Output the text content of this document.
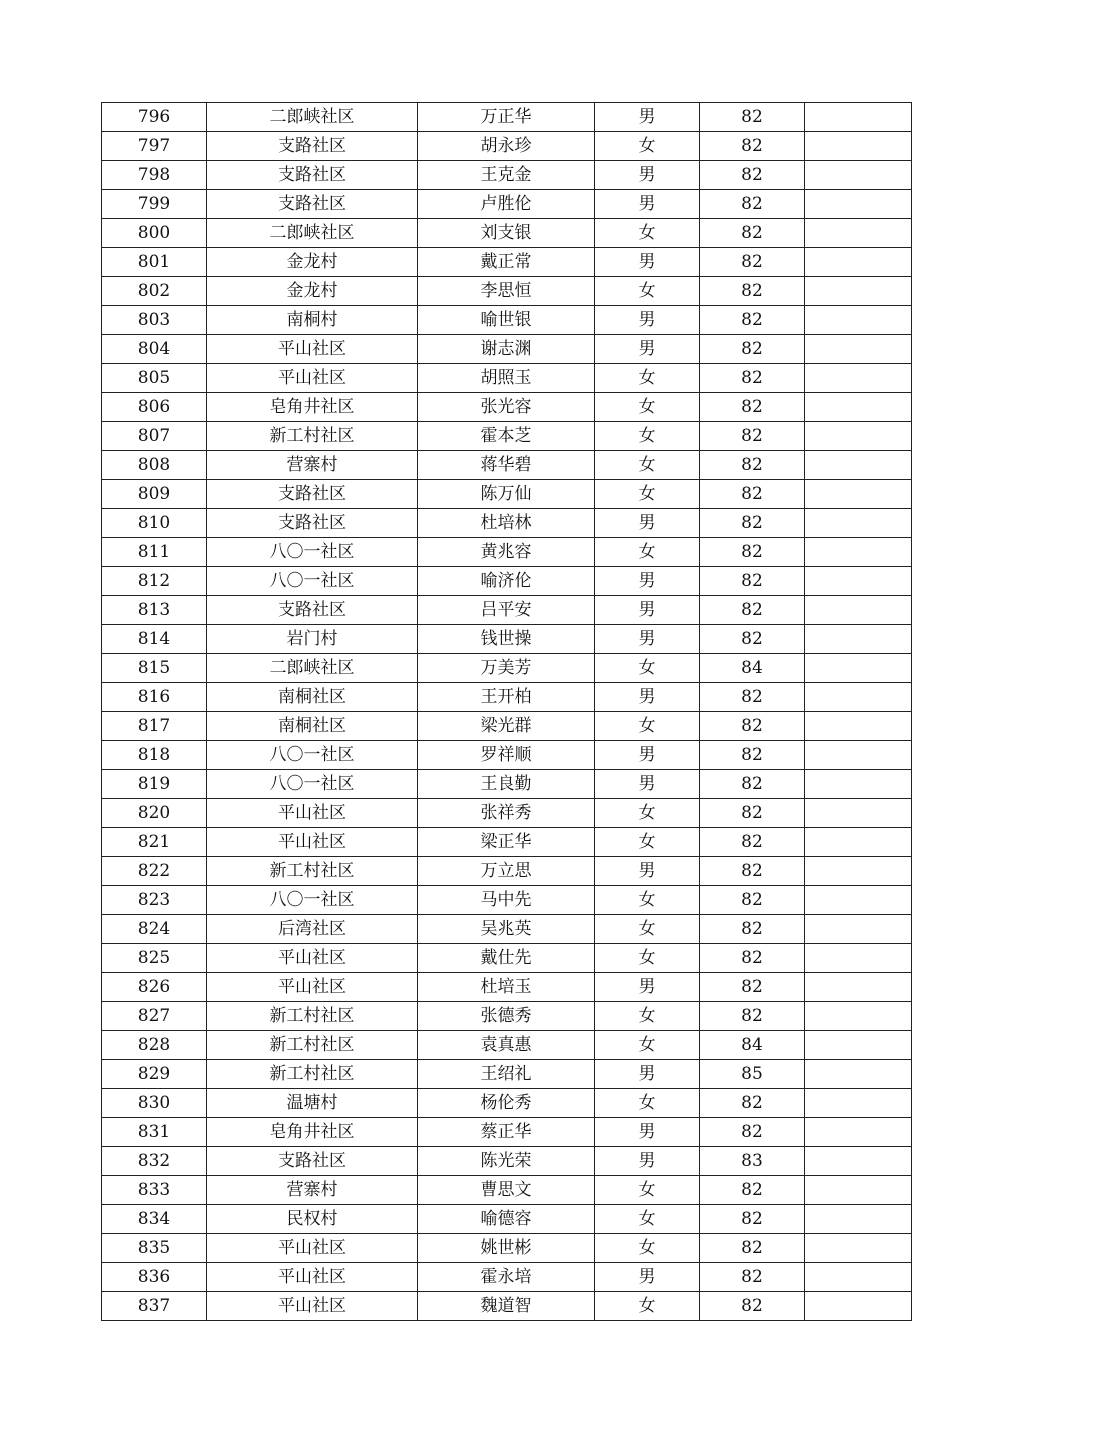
796	二郎峡社区	万正华	男	82	
797	支路社区	胡永珍	女	82	
798	支路社区	王克金	男	82	
799	支路社区	卢胜伦	男	82	
800	二郎峡社区	刘支银	女	82	
801	金龙村	戴正常	男	82	
802	金龙村	李思恒	女	82	
803	南桐村	喻世银	男	82	
804	平山社区	谢志渊	男	82	
805	平山社区	胡照玉	女	82	
806	皂角井社区	张光容	女	82	
807	新工村社区	霍本芝	女	82	
808	营寨村	蒋华碧	女	82	
809	支路社区	陈万仙	女	82	
810	支路社区	杜培林	男	82	
811	八〇一社区	黄兆容	女	82	
812	八〇一社区	喻济伦	男	82	
813	支路社区	吕平安	男	82	
814	岩门村	钱世操	男	82	
815	二郎峡社区	万美芳	女	84	
816	南桐社区	王开柏	男	82	
817	南桐社区	梁光群	女	82	
818	八〇一社区	罗祥顺	男	82	
819	八〇一社区	王良勤	男	82	
820	平山社区	张祥秀	女	82	
821	平山社区	梁正华	女	82	
822	新工村社区	万立思	男	82	
823	八〇一社区	马中先	女	82	
824	后湾社区	吴兆英	女	82	
825	平山社区	戴仕先	女	82	
826	平山社区	杜培玉	男	82	
827	新工村社区	张德秀	女	82	
828	新工村社区	袁真惠	女	84	
829	新工村社区	王绍礼	男	85	
830	温塘村	杨伦秀	女	82	
831	皂角井社区	蔡正华	男	82	
832	支路社区	陈光荣	男	83	
833	营寨村	曹思文	女	82	
834	民权村	喻德容	女	82	
835	平山社区	姚世彬	女	82	
836	平山社区	霍永培	男	82	
837	平山社区	魏道智	女	82	
